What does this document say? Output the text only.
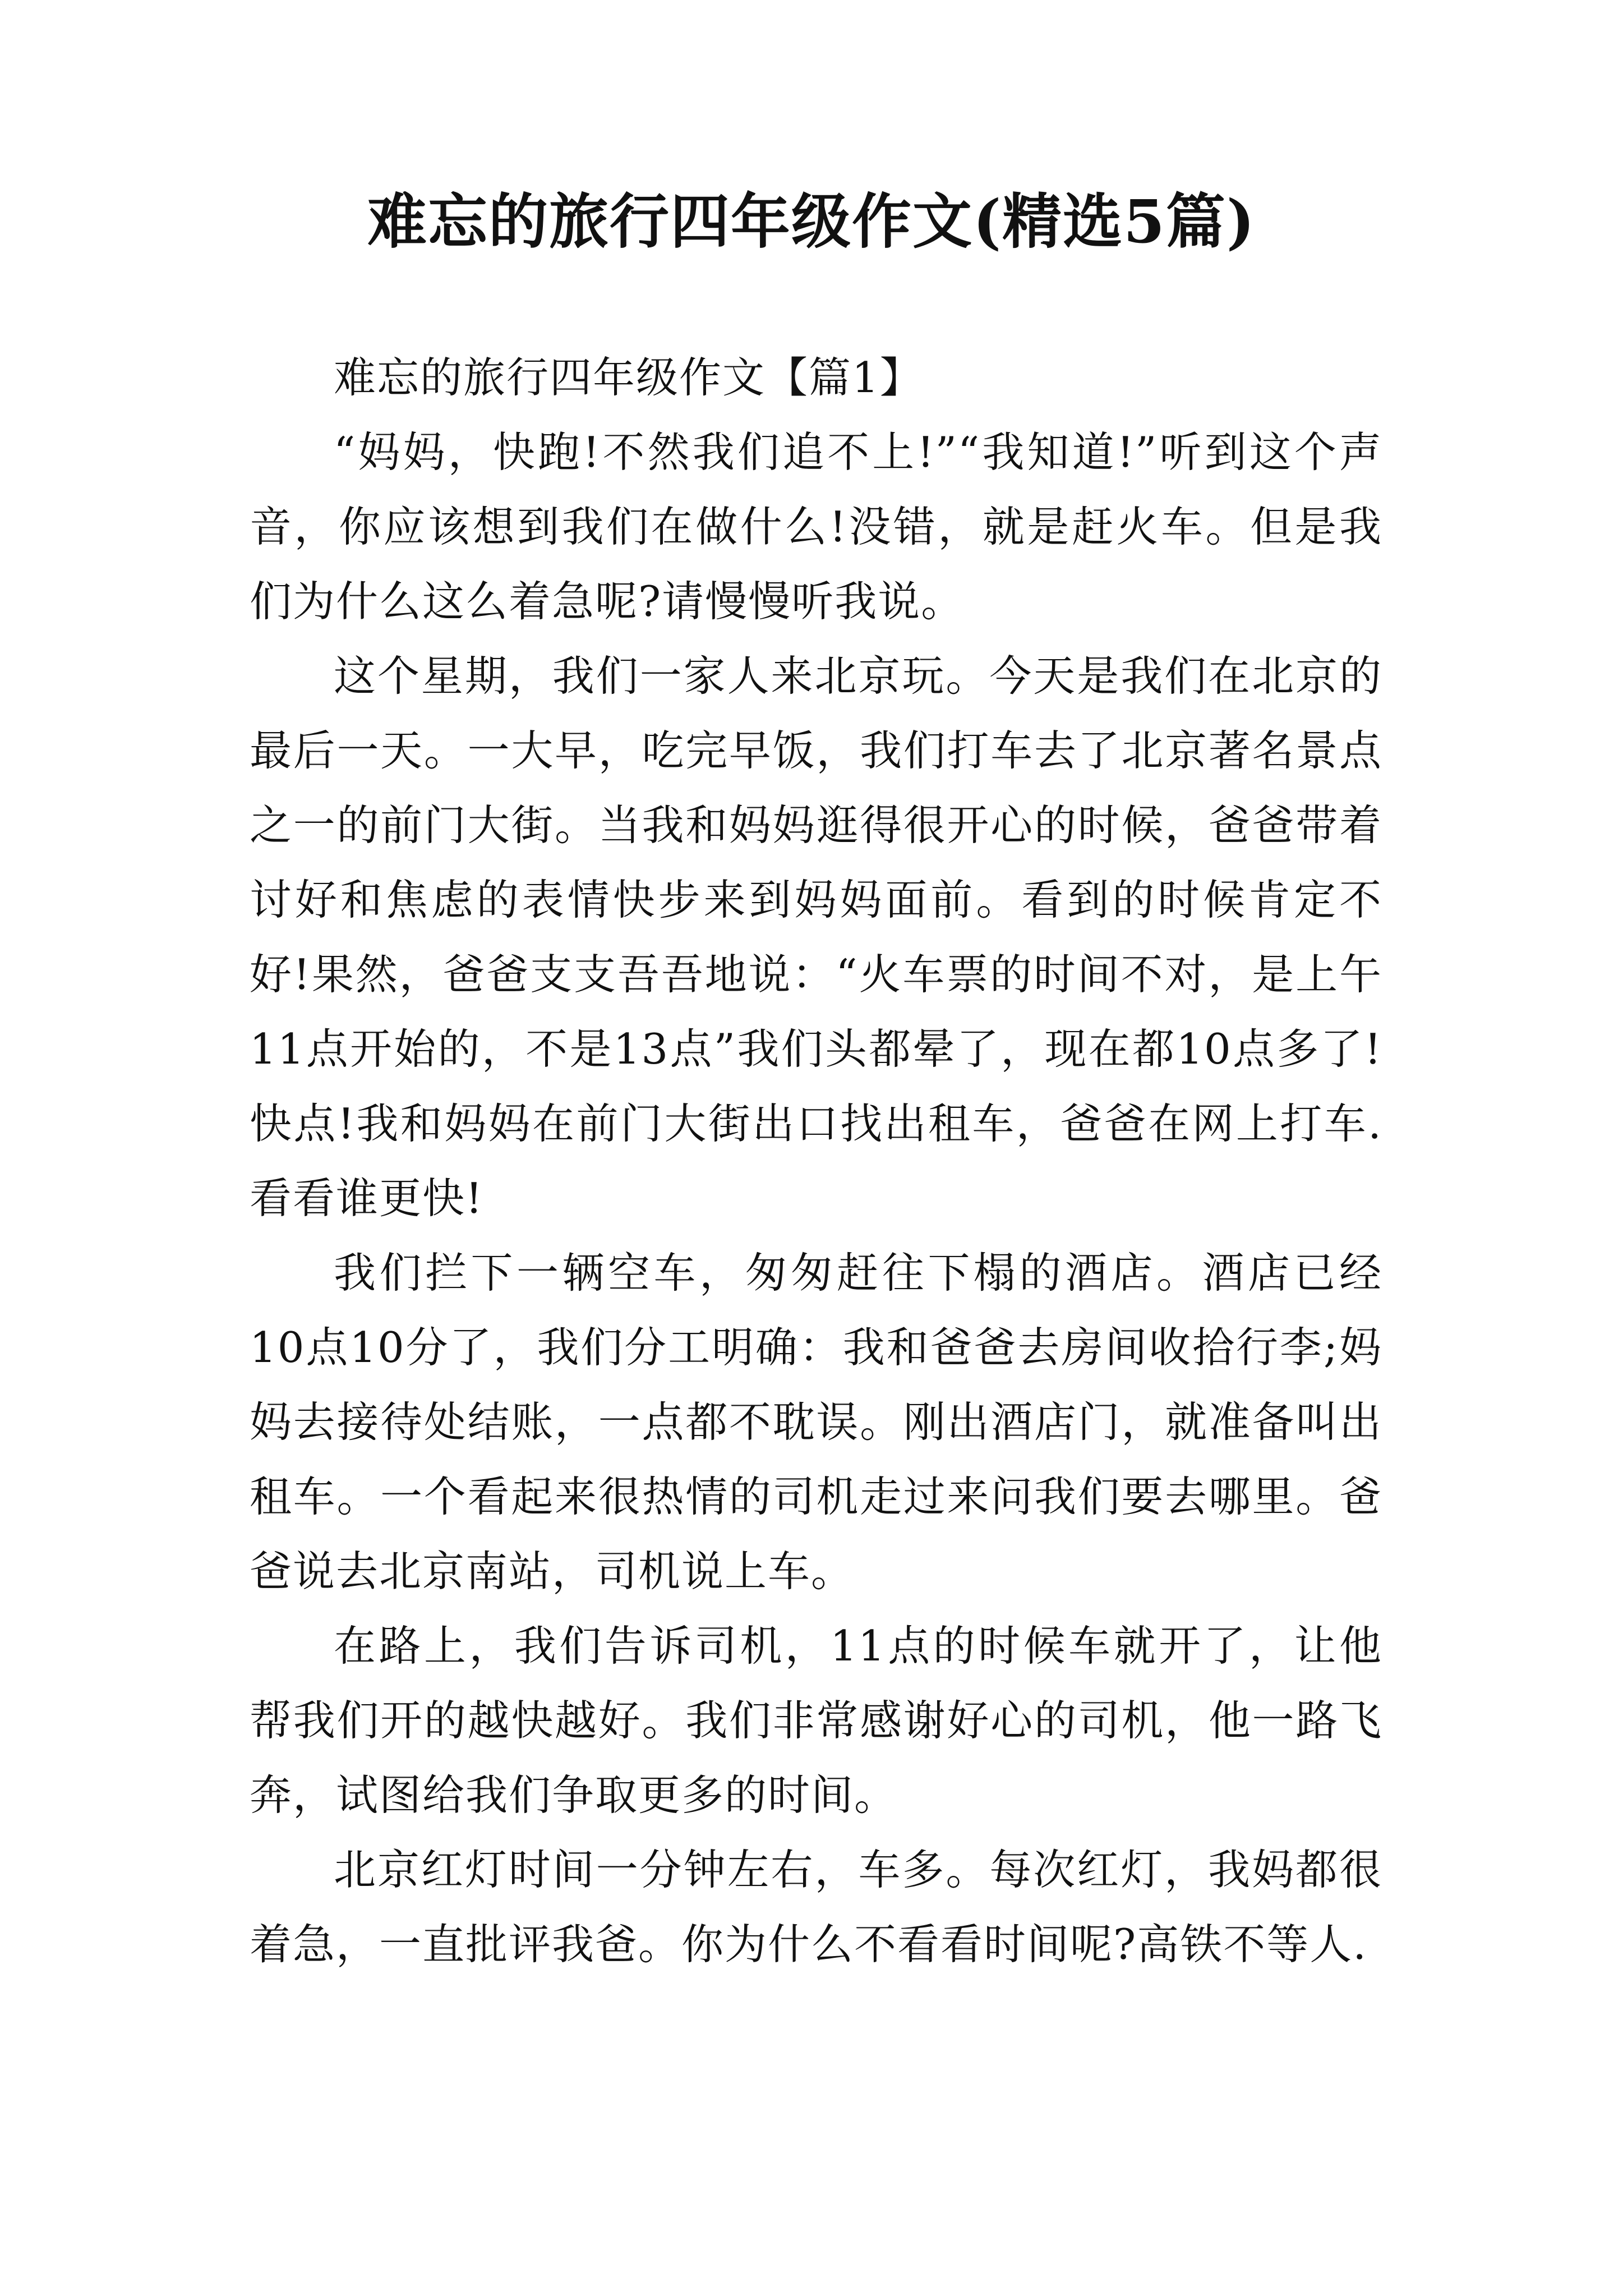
难忘的旅行四年级作文(精选5篇)

难忘的旅行四年级作文【篇1】

“妈妈，快跑!不然我们追不上!”“我知道!”听到这个声音，你应该想到我们在做什么!没错，就是赶火车。但是我们为什么这么着急呢?请慢慢听我说。

这个星期，我们一家人来北京玩。今天是我们在北京的最后一天。一大早，吃完早饭，我们打车去了北京著名景点之一的前门大街。当我和妈妈逛得很开心的时候，爸爸带着讨好和焦虑的表情快步来到妈妈面前。看到的时候肯定不好!果然，爸爸支支吾吾地说：“火车票的时间不对，是上午11点开始的，不是13点”我们头都晕了，现在都10点多了!快点!我和妈妈在前门大街出口找出租车，爸爸在网上打车.看看谁更快!

我们拦下一辆空车，匆匆赶往下榻的酒店。酒店已经10点10分了，我们分工明确：我和爸爸去房间收拾行李;妈妈去接待处结账，一点都不耽误。刚出酒店门，就准备叫出租车。一个看起来很热情的司机走过来问我们要去哪里。爸爸说去北京南站，司机说上车。

在路上，我们告诉司机，11点的时候车就开了，让他帮我们开的越快越好。我们非常感谢好心的司机，他一路飞奔，试图给我们争取更多的时间。

北京红灯时间一分钟左右，车多。每次红灯，我妈都很着急，一直批评我爸。你为什么不看看时间呢?高铁不等人.
